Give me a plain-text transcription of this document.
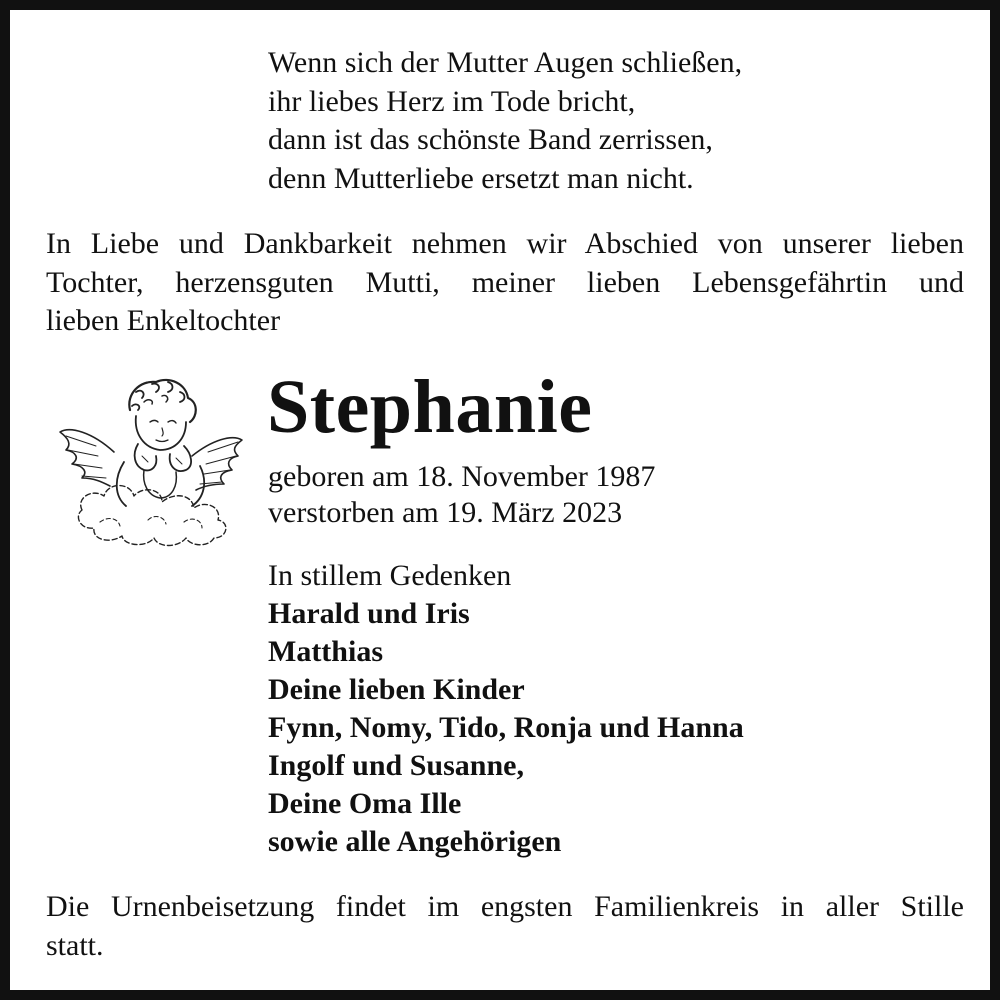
Wenn sich der Mutter Augen schließen,
ihr liebes Herz im Tode bricht,
dann ist das schönste Band zerrissen,
denn Mutterliebe ersetzt man nicht.
In Liebe und Dankbarkeit nehmen wir Abschied von unserer lieben
Tochter, herzensguten Mutti, meiner lieben Lebensgefährtin und
lieben Enkeltochter
Stephanie
geboren am 18. November 1987
verstorben am 19. März 2023
In stillem Gedenken
Harald und Iris
Matthias
Deine lieben Kinder
Fynn, Nomy, Tido, Ronja und Hanna
Ingolf und Susanne,
Deine Oma Ille
sowie alle Angehörigen
Die Urnenbeisetzung findet im engsten Familienkreis in aller Stille
statt.
